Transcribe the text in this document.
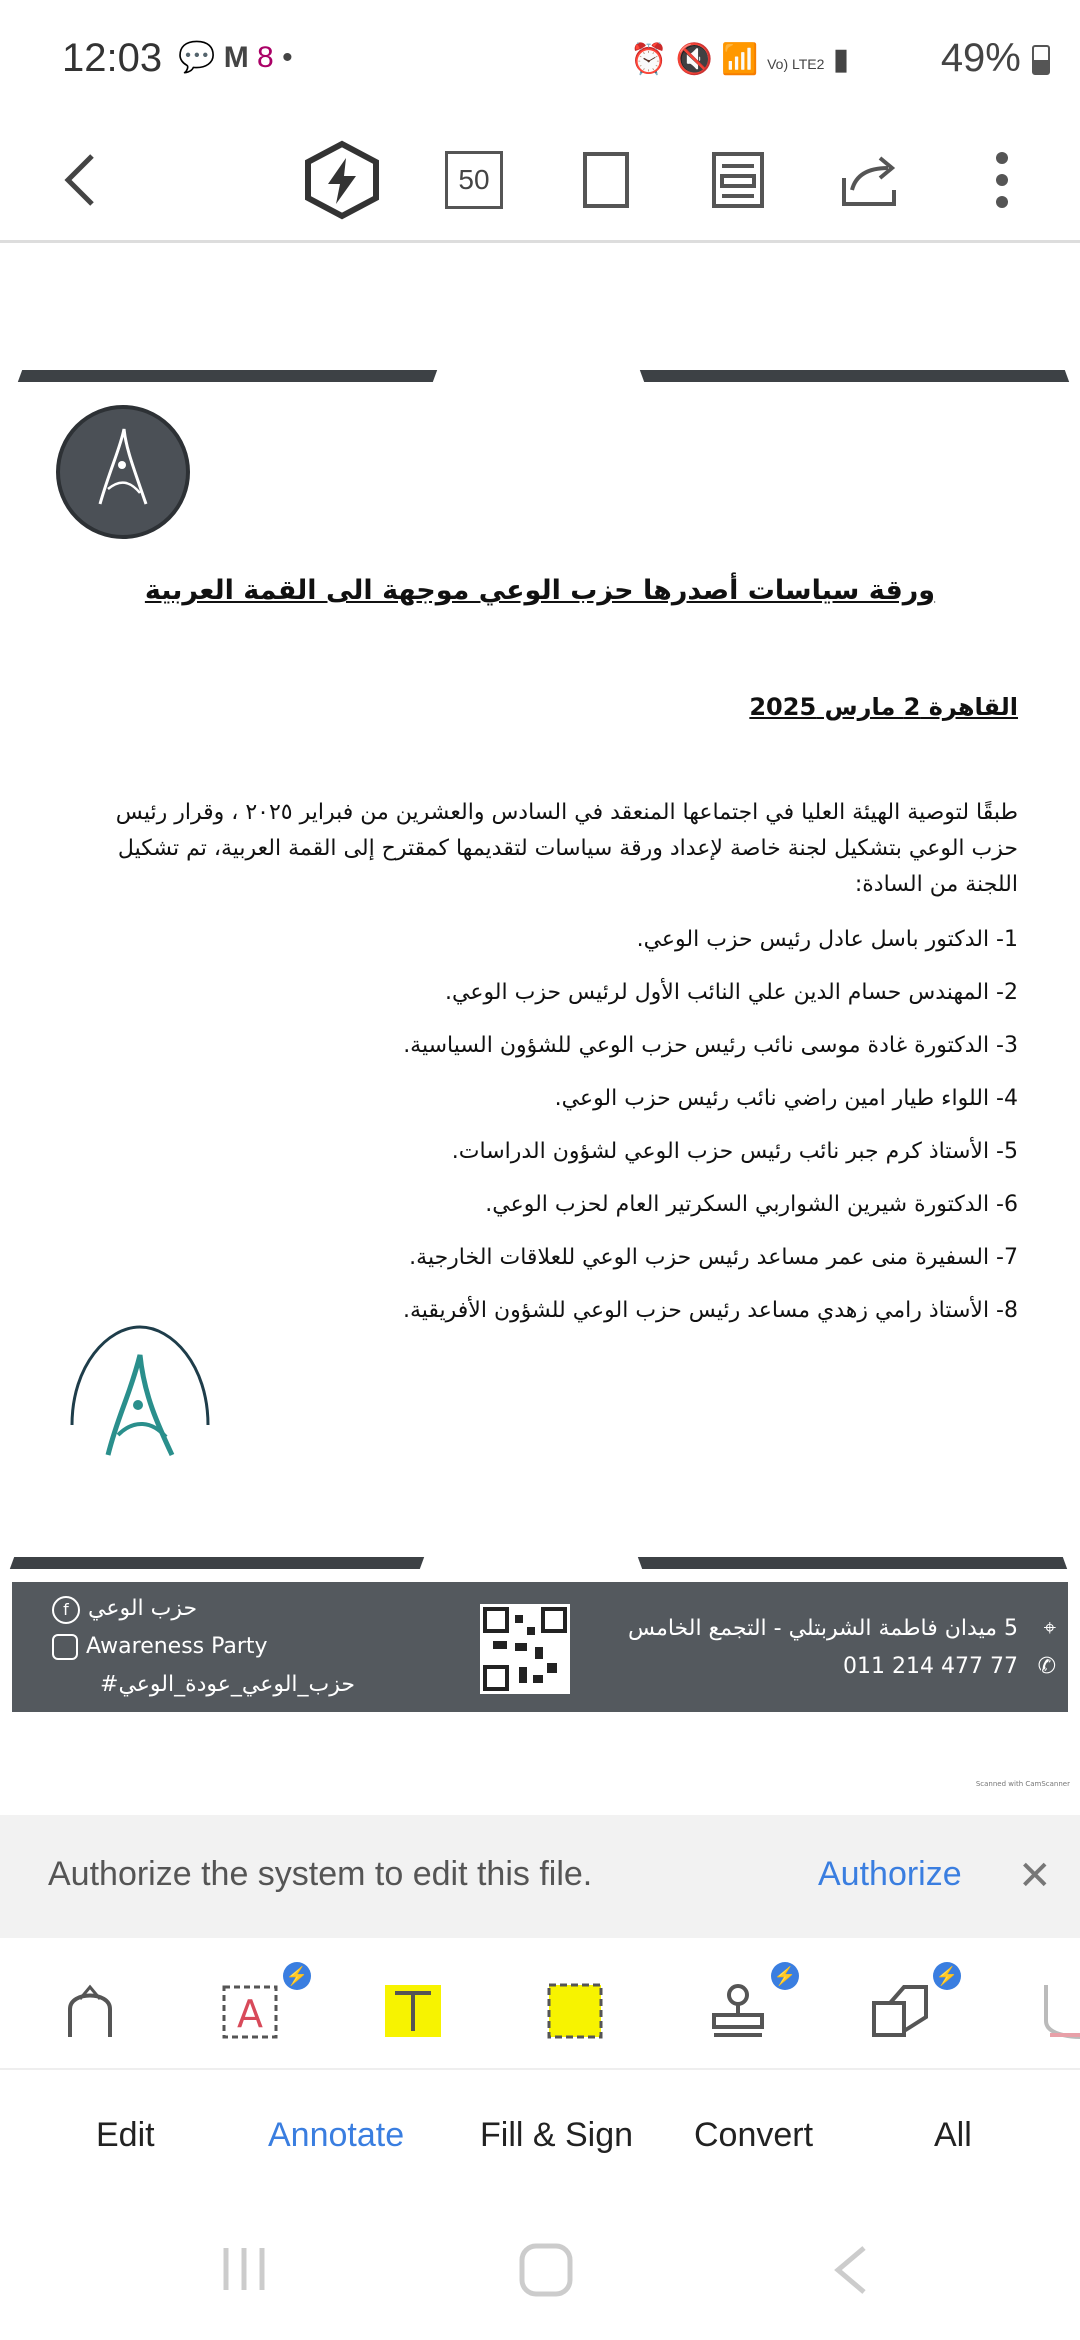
12:03 💬 M 8 •	⏰ 🔇 📶 Vo) LTE2 ▮ 49%
50
ورقة سياسات أصدرها حزب الوعي موجهة الى القمة العربية
القاهرة 2 مارس 2025
طبقًا لتوصية الهيئة العليا في اجتماعها المنعقد في السادس والعشرين من فبراير ٢٠٢٥ ، وقرار رئيس
حزب الوعي بتشكيل لجنة خاصة لإعداد ورقة سياسات لتقديمها كمقترح إلى القمة العربية، تم تشكيل
اللجنة من السادة:
1- الدكتور باسل عادل رئيس حزب الوعي.
2- المهندس حسام الدين علي النائب الأول لرئيس حزب الوعي.
3- الدكتورة غادة موسى نائب رئيس حزب الوعي للشؤون السياسية.
4- اللواء طيار امين راضي نائب رئيس حزب الوعي.
5- الأستاذ كرم جبر نائب رئيس حزب الوعي لشؤون الدراسات.
6- الدكتورة شيرين الشواربي السكرتير العام لحزب الوعي.
7- السفيرة منى عمر مساعد رئيس حزب الوعي للعلاقات الخارجية.
8- الأستاذ رامي زهدي مساعد رئيس حزب الوعي للشؤون الأفريقية.
f حزب الوعي
Awareness Party
#حزب_الوعي_عودة_الوعي
5 ميدان فاطمة الشربتلي - التجمع الخامس
011 214 477 77
⌖
✆
Scanned with CamScanner
Authorize the system to edit this file.	Authorize ✕
A
⚡	⚡	⚡
Edit	Annotate Fill & Sign Convert	All
